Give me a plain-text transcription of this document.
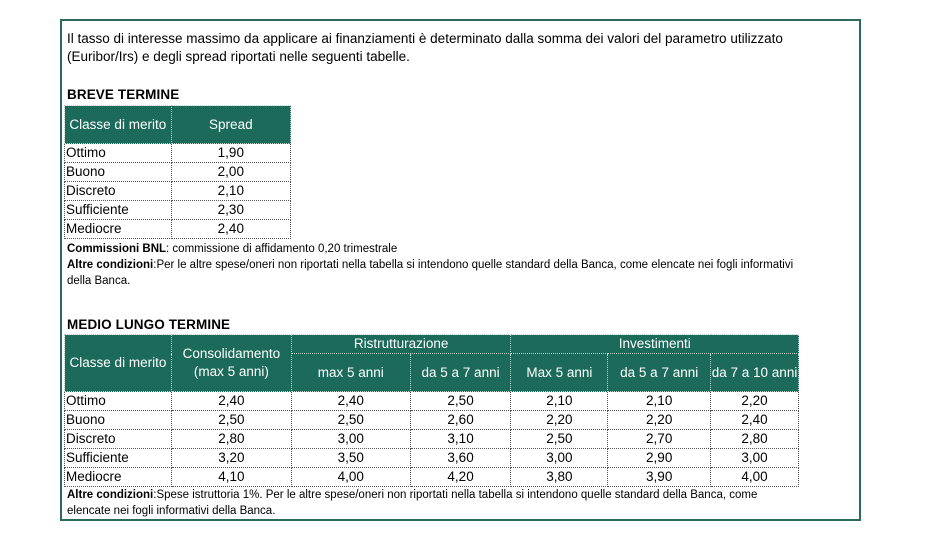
Il tasso di interesse massimo da applicare ai finanziamenti è determinato dalla somma dei valori del parametro utilizzato (Euribor/Irs) e degli spread riportati nelle seguenti tabelle.
BREVE TERMINE
Classe di merito	Spread
Ottimo	1,90
Buono	2,00
Discreto	2,10
Sufficiente	2,30
Mediocre	2,40
Commissioni BNL: commissione di affidamento 0,20 trimestrale
Altre condizioni:Per le altre spese/oneri non riportati nella tabella si intendono quelle standard della Banca, come elencate nei fogli informativi della Banca.
MEDIO LUNGO TERMINE
Classe di merito	Consolidamento (max 5 anni)	Ristrutturazione		Investimenti		
		max 5 anni	da 5 a 7 anni	Max 5 anni	da 5 a 7 anni	da 7 a 10 anni
Ottimo	2,40	2,40	2,50	2,10	2,10	2,20
Buono	2,50	2,50	2,60	2,20	2,20	2,40
Discreto	2,80	3,00	3,10	2,50	2,70	2,80
Sufficiente	3,20	3,50	3,60	3,00	2,90	3,00
Mediocre	4,10	4,00	4,20	3,80	3,90	4,00
Altre condizioni:Spese istruttoria 1%. Per le altre spese/oneri non riportati nella tabella si intendono quelle standard della Banca, come elencate nei fogli informativi della Banca.
